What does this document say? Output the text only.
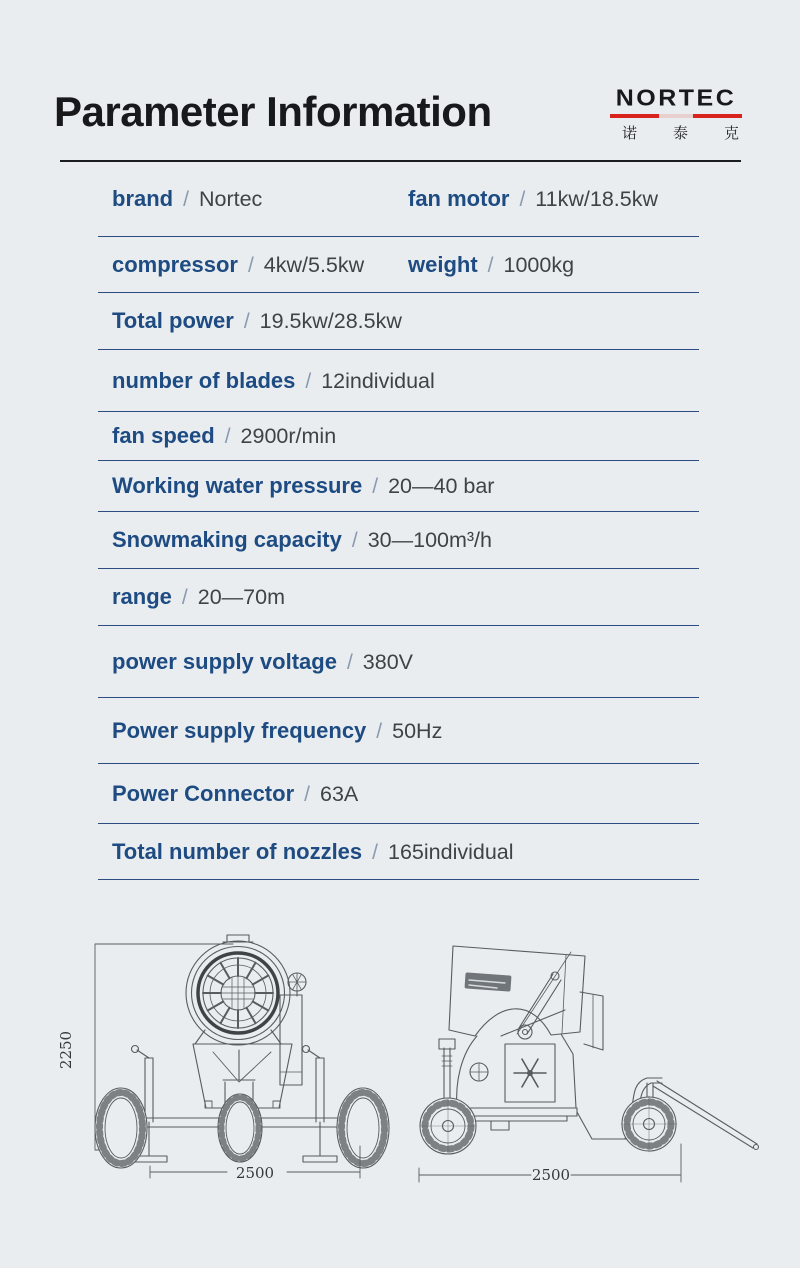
Parameter Information	NORTEC
诺泰克
brand / Nortec	fan motor / 11kw/18.5kw
compressor / 4kw/5.5kw weight / 1000kg
Total power / 19.5kw/28.5kw
number of blades / 12individual
fan speed / 2900r/min
Working water pressure / 20—40 bar
Snowmaking capacity / 30—100m³/h
range / 20—70m
power supply voltage / 380V
Power supply frequency / 50Hz
Power Connector / 63A
Total number of nozzles / 165individual
2500
2250
2500
